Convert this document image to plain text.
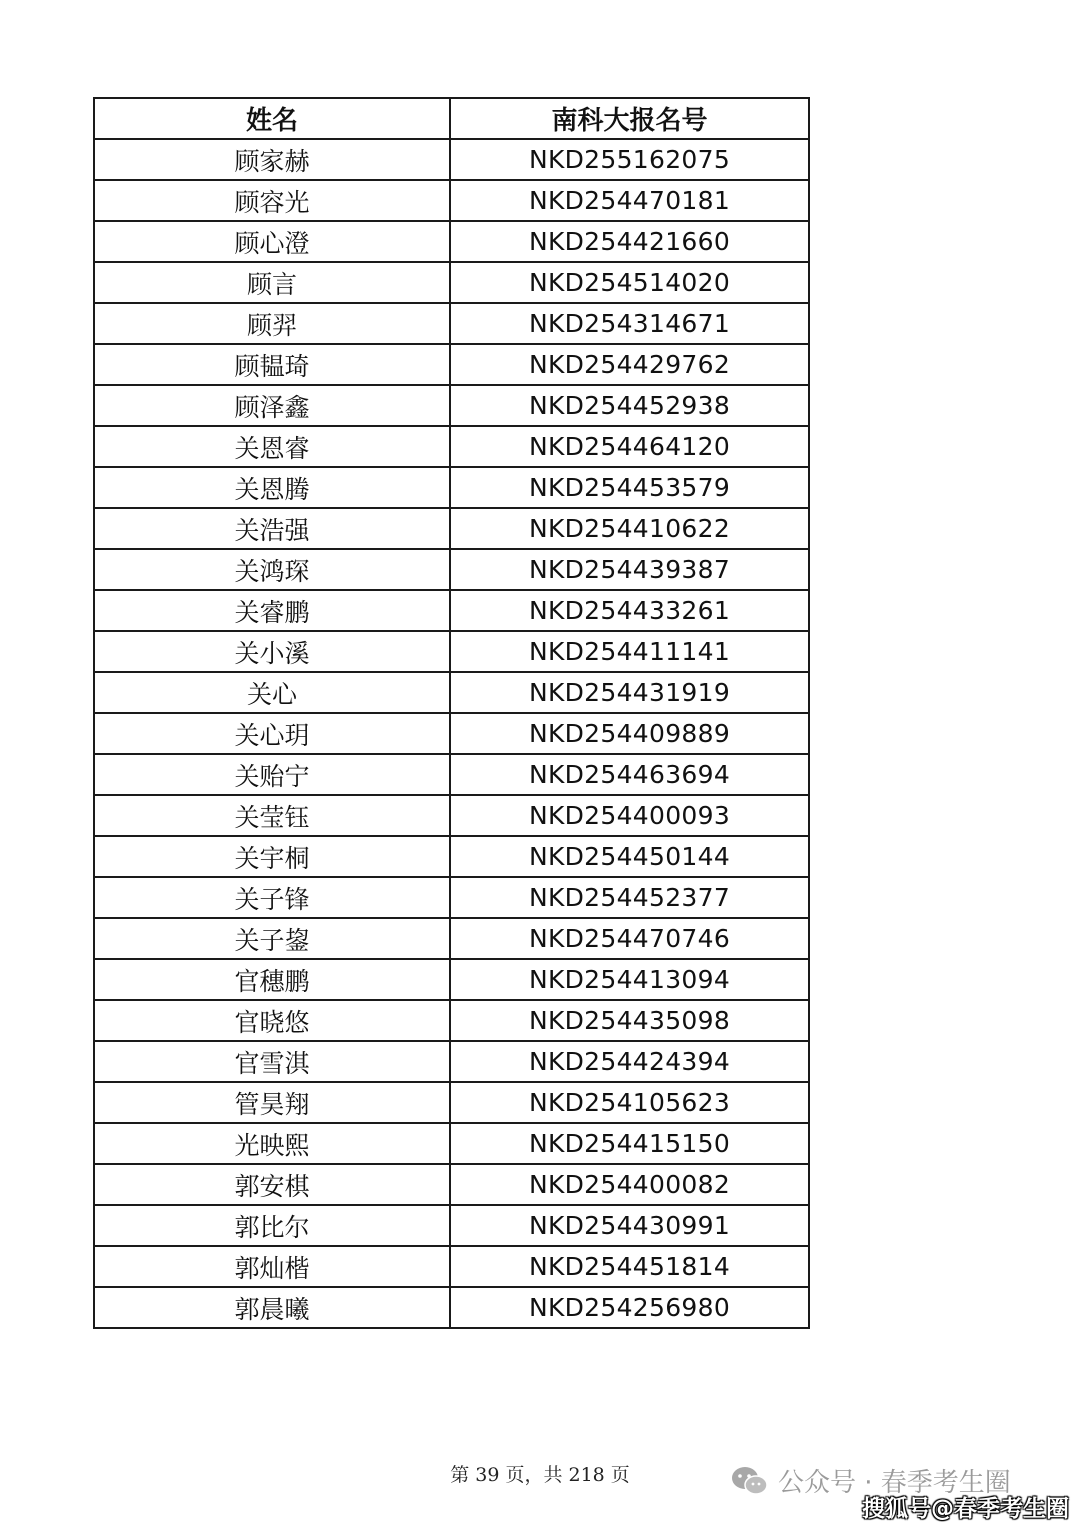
姓名	南科大报名号
顾家赫	NKD255162075
顾容光	NKD254470181
顾心澄	NKD254421660
顾言	NKD254514020
顾羿	NKD254314671
顾韫琦	NKD254429762
顾泽鑫	NKD254452938
关恩睿	NKD254464120
关恩腾	NKD254453579
关浩强	NKD254410622
关鸿琛	NKD254439387
关睿鹏	NKD254433261
关小溪	NKD254411141
关心	NKD254431919
关心玥	NKD254409889
关贻宁	NKD254463694
关莹钰	NKD254400093
关宇桐	NKD254450144
关子锋	NKD254452377
关子鋆	NKD254470746
官穗鹏	NKD254413094
官晓悠	NKD254435098
官雪淇	NKD254424394
管昊翔	NKD254105623
光映熙	NKD254415150
郭安棋	NKD254400082
郭比尔	NKD254430991
郭灿楷	NKD254451814
郭晨曦	NKD254256980
第 39 页，共 218 页	公众号 · 春季考生圈
搜狐号@春季考生圈
